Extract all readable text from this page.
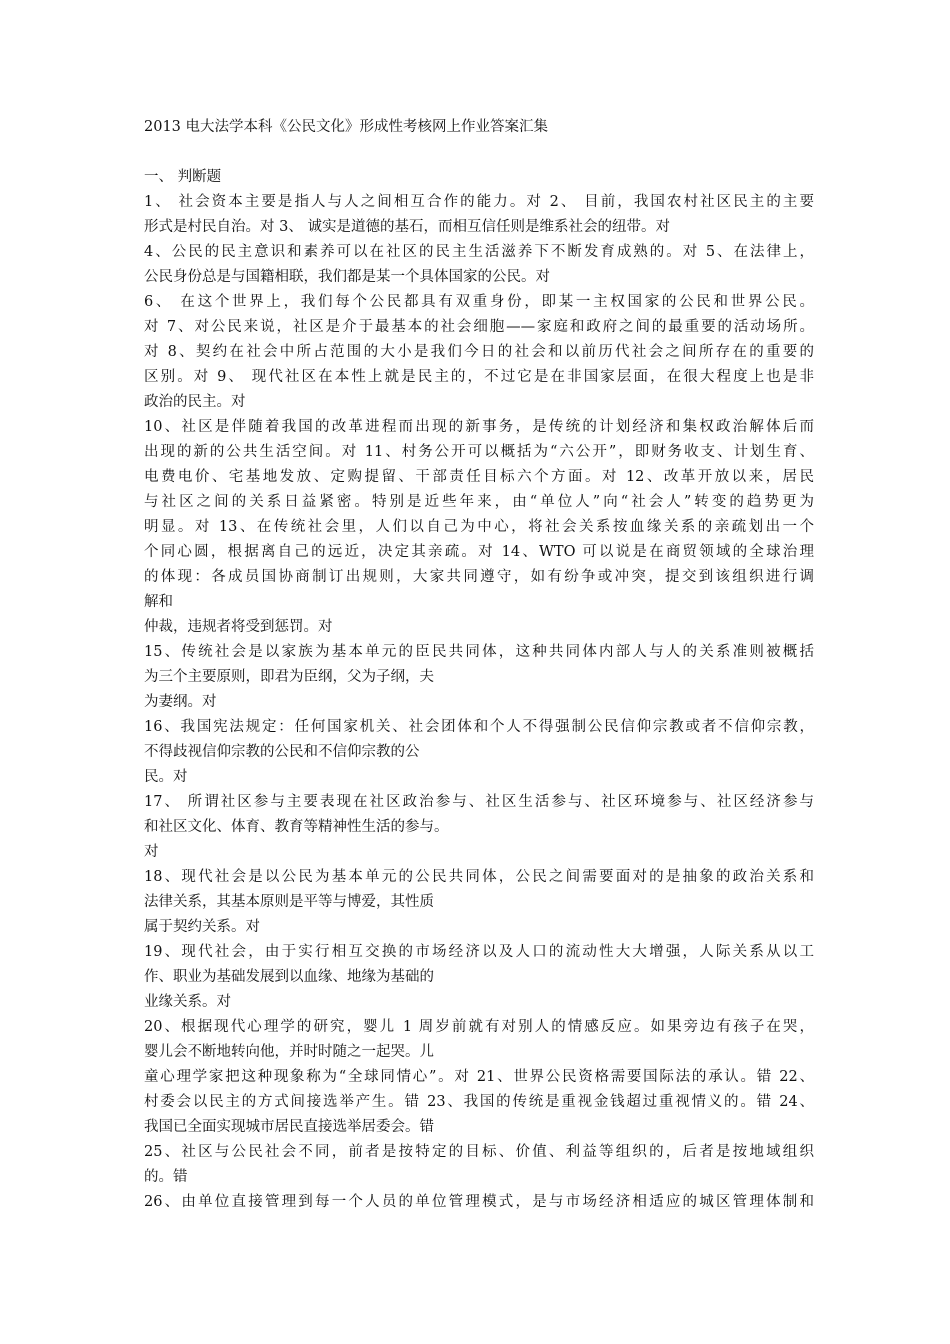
2013 电大法学本科《公民文化》形成性考核网上作业答案汇集
一、 判断题
1、 社会资本主要是指人与人之间相互合作的能力。对 2、 目前，我国农村社区民主的主要
形式是村民自治。对 3、 诚实是道德的基石，而相互信任则是维系社会的纽带。对
4、公民的民主意识和素养可以在社区的民主生活滋养下不断发育成熟的。对 5、在法律上，
公民身份总是与国籍相联，我们都是某一个具体国家的公民。对
6、 在这个世界上，我们每个公民都具有双重身份，即某一主权国家的公民和世界公民。
对 7、对公民来说，社区是介于最基本的社会细胞——家庭和政府之间的最重要的活动场所。
对 8、契约在社会中所占范围的大小是我们今日的社会和以前历代社会之间所存在的重要的
区别。对 9、 现代社区在本性上就是民主的，不过它是在非国家层面，在很大程度上也是非
政治的民主。对
10、社区是伴随着我国的改革进程而出现的新事务，是传统的计划经济和集权政治解体后而
出现的新的公共生活空间。对 11、村务公开可以概括为“六公开”，即财务收支、计划生育、
电费电价、宅基地发放、定购提留、干部责任目标六个方面。对 12、改革开放以来，居民
与社区之间的关系日益紧密。特别是近些年来，由“单位人”向“社会人”转变的趋势更为
明显。对 13、在传统社会里，人们以自己为中心，将社会关系按血缘关系的亲疏划出一个
个同心圆，根据离自己的远近，决定其亲疏。对 14、WTO 可以说是在商贸领域的全球治理
的体现：各成员国协商制订出规则，大家共同遵守，如有纷争或冲突，提交到该组织进行调
解和
仲裁，违规者将受到惩罚。对
15、传统社会是以家族为基本单元的臣民共同体，这种共同体内部人与人的关系准则被概括
为三个主要原则，即君为臣纲，父为子纲，夫
为妻纲。对
16、我国宪法规定：任何国家机关、社会团体和个人不得强制公民信仰宗教或者不信仰宗教，
不得歧视信仰宗教的公民和不信仰宗教的公
民。对
17、 所谓社区参与主要表现在社区政治参与、社区生活参与、社区环境参与、社区经济参与
和社区文化、体育、教育等精神性生活的参与。
对
18、现代社会是以公民为基本单元的公民共同体，公民之间需要面对的是抽象的政治关系和
法律关系，其基本原则是平等与博爱，其性质
属于契约关系。对
19、现代社会，由于实行相互交换的市场经济以及人口的流动性大大增强，人际关系从以工
作、职业为基础发展到以血缘、地缘为基础的
业缘关系。对
20、根据现代心理学的研究，婴儿 1 周岁前就有对别人的情感反应。如果旁边有孩子在哭，
婴儿会不断地转向他，并时时随之一起哭。儿
童心理学家把这种现象称为“全球同情心”。对 21、世界公民资格需要国际法的承认。错 22、
村委会以民主的方式间接选举产生。错 23、我国的传统是重视金钱超过重视情义的。错 24、
我国已全面实现城市居民直接选举居委会。错
25、社区与公民社会不同，前者是按特定的目标、价值、利益等组织的，后者是按地域组织
的。错
26、由单位直接管理到每一个人员的单位管理模式，是与市场经济相适应的城区管理体制和
